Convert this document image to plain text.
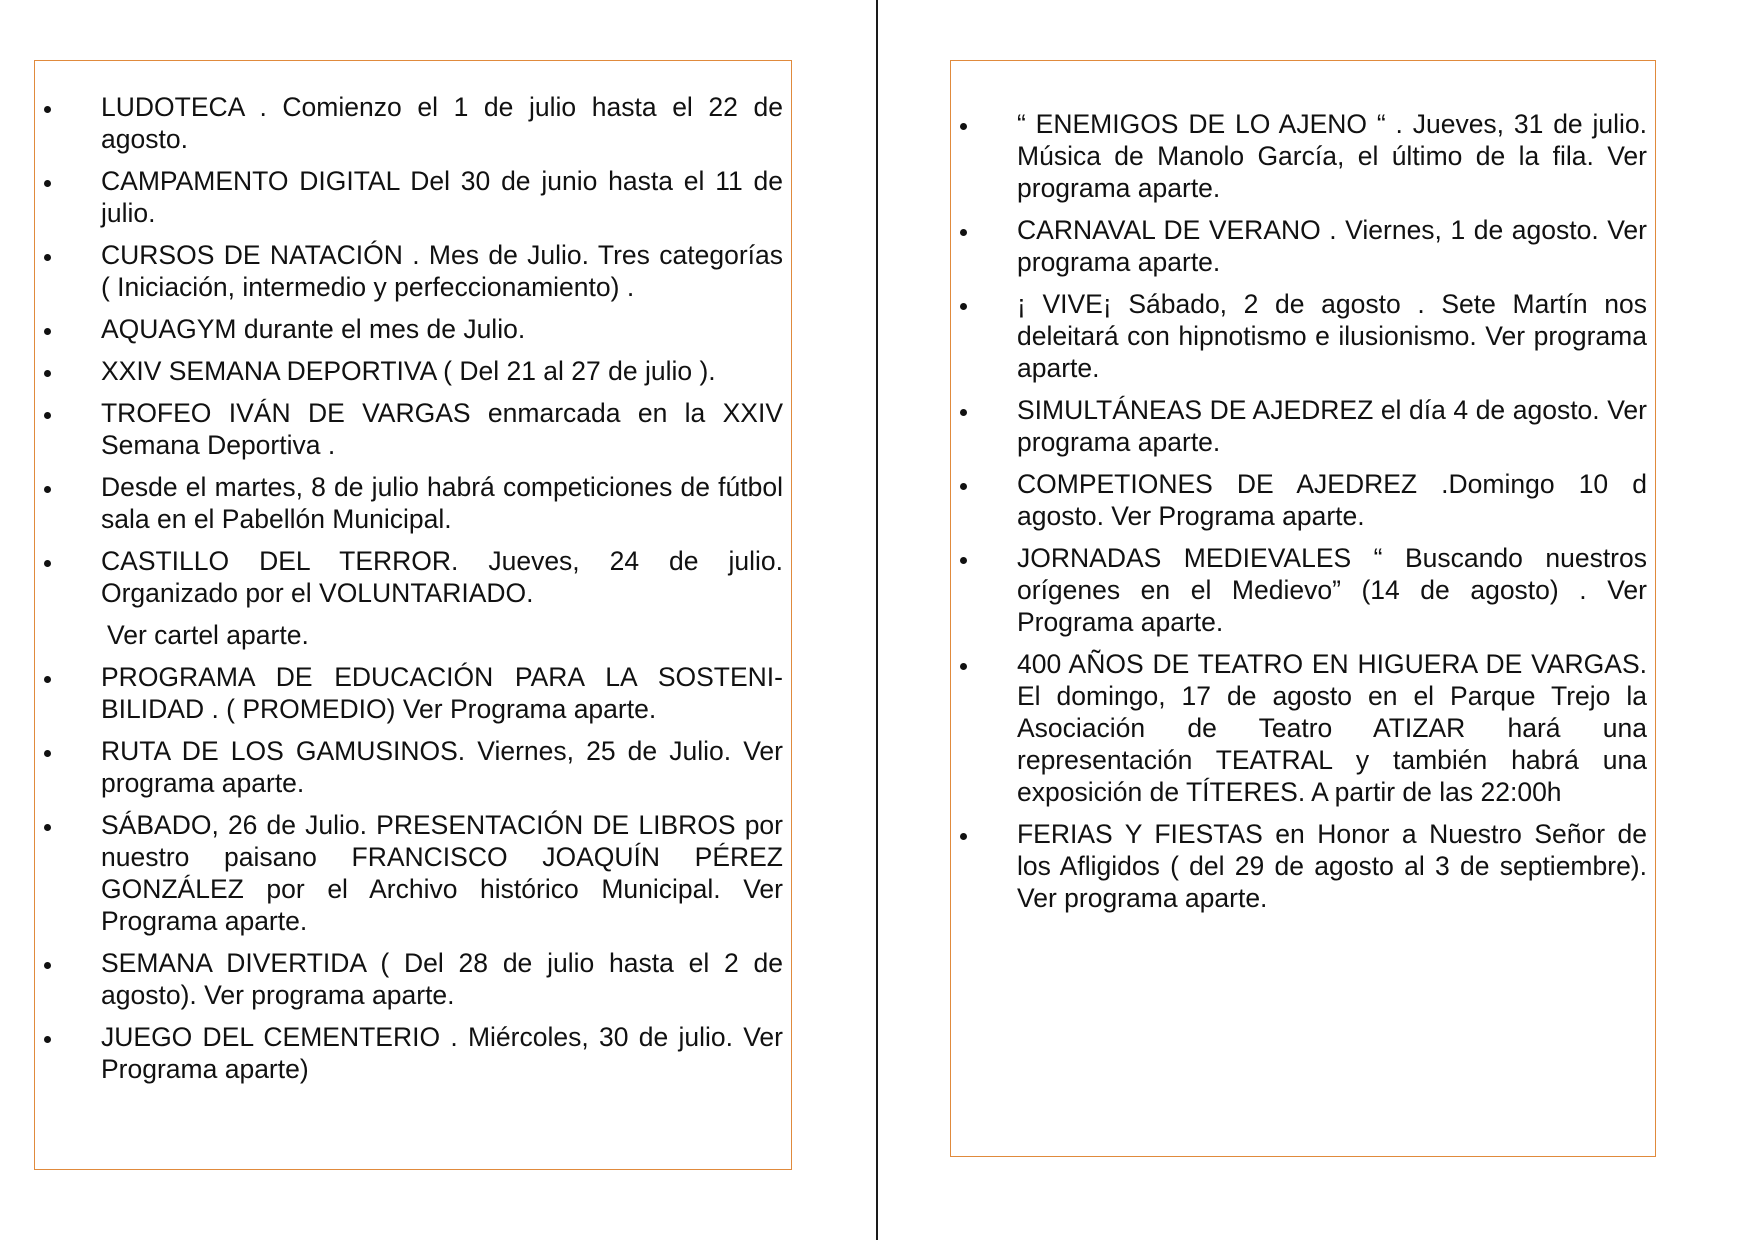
LUDOTECA . Comienzo el 1 de julio hasta el 22 de agosto.
CAMPAMENTO DIGITAL Del 30 de junio hasta el 11 de julio.
CURSOS DE NATACIÓN . Mes de Julio. Tres categorías ( Iniciación, intermedio y perfeccionamiento) .
AQUAGYM durante el mes de Julio.
XXIV SEMANA DEPORTIVA ( Del 21 al 27 de julio ).
TROFEO IVÁN DE VARGAS enmarcada en la XXIV Semana Deportiva .
Desde el martes, 8 de julio habrá competiciones de fútbol sala en el Pabellón Municipal.
CASTILLO DEL TERROR. Jueves, 24 de julio. Organizado por el VOLUNTARIADO.
Ver cartel aparte.
PROGRAMA DE EDUCACIÓN PARA LA SOSTENIBILIDAD . ( PROMEDIO) Ver Programa aparte.
RUTA DE LOS GAMUSINOS. Viernes, 25 de Julio. Ver programa aparte.
SÁBADO, 26 de Julio. PRESENTACIÓN DE LIBROS por nuestro paisano FRANCISCO JOAQUÍN PÉREZ GONZÁLEZ por el Archivo histórico Municipal. Ver Programa aparte.
SEMANA DIVERTIDA ( Del 28 de julio hasta el 2 de agosto). Ver programa aparte.
JUEGO DEL CEMENTERIO . Miércoles, 30 de julio. Ver Programa aparte)
“ ENEMIGOS DE LO AJENO “ . Jueves, 31 de julio. Música de Manolo García, el último de la fila. Ver programa aparte.
CARNAVAL DE VERANO . Viernes, 1 de agosto. Ver programa aparte.
¡ VIVE¡ Sábado, 2 de agosto . Sete Martín nos deleitará con hipnotismo e ilusionismo. Ver programa aparte.
SIMULTÁNEAS DE AJEDREZ el día 4 de agosto. Ver programa aparte.
COMPETIONES DE AJEDREZ .Domingo 10 d agosto. Ver Programa aparte.
JORNADAS MEDIEVALES “ Buscando nuestros orígenes en el Medievo” (14 de agosto) . Ver Programa aparte.
400 AÑOS DE TEATRO EN HIGUERA DE VARGAS. El domingo, 17 de agosto en el Parque Trejo la Asociación de Teatro ATIZAR hará una representación TEATRAL y también habrá una exposición de TÍTERES. A partir de las 22:00h
FERIAS Y FIESTAS en Honor a Nuestro Señor de los Afligidos ( del 29 de agosto al 3 de septiembre). Ver programa aparte.
